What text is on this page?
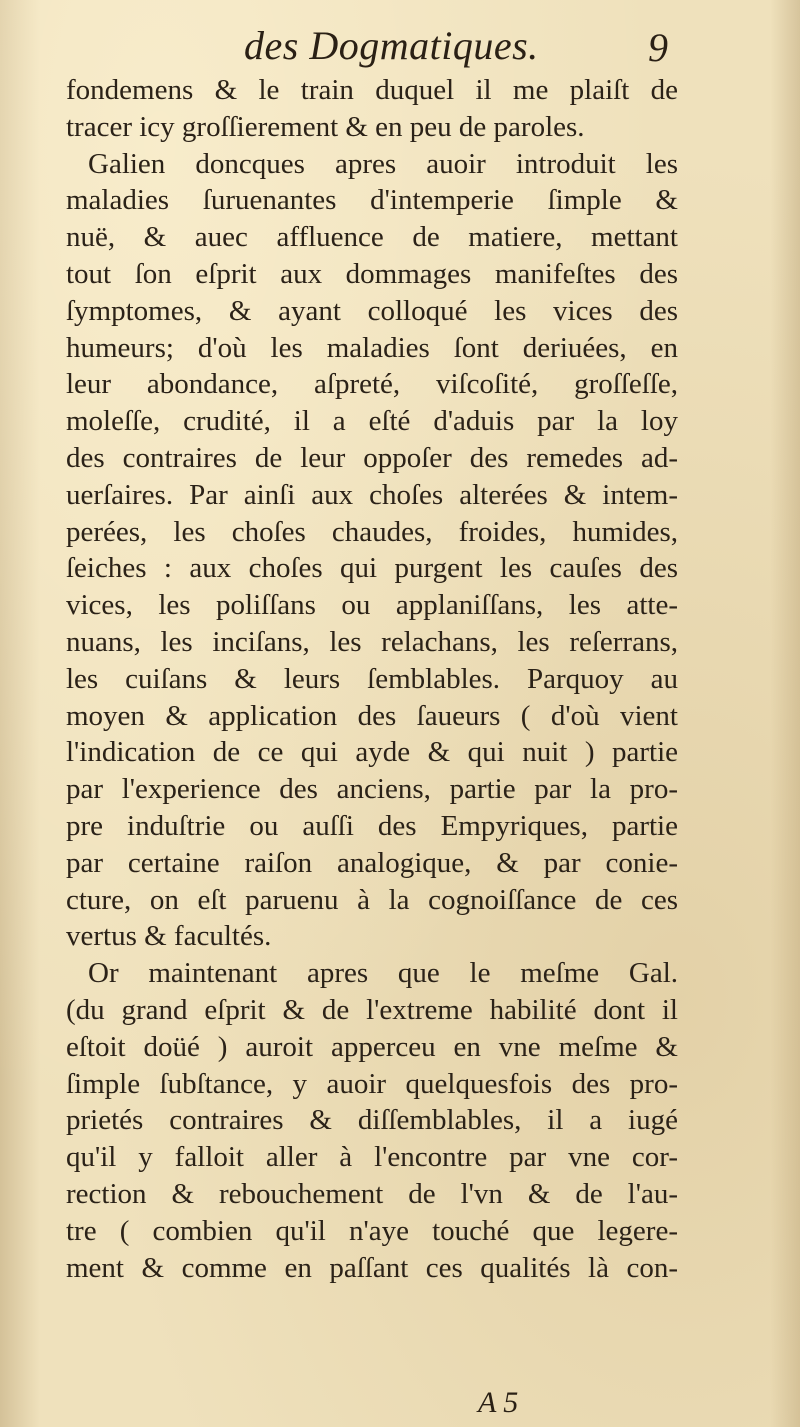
des Dogmatiques.	9
fondemens & le train duquel il me plaiſt de
tracer icy groſſierement & en peu de paroles.
Galien doncques apres auoir introduit les
maladies ſuruenantes d'intemperie ſimple &
nuë, & auec affluence de matiere, mettant
tout ſon eſprit aux dommages manifeſtes des
ſymptomes, & ayant colloqué les vices des
humeurs; d'où les maladies ſont deriuées, en
leur abondance, aſpreté, viſcoſité, groſſeſſe,
moleſſe, crudité, il a eſté d'aduis par la loy
des contraires de leur oppoſer des remedes ad-
uerſaires. Par ainſi aux choſes alterées & intem-
perées, les choſes chaudes, froides, humides,
ſeiches : aux choſes qui purgent les cauſes des
vices, les poliſſans ou applaniſſans, les atte-
nuans, les inciſans, les relachans, les reſerrans,
les cuiſans & leurs ſemblables. Parquoy au
moyen & application des ſaueurs ( d'où vient
l'indication de ce qui ayde & qui nuit ) partie
par l'experience des anciens, partie par la pro-
pre induſtrie ou auſſi des Empyriques, partie
par certaine raiſon analogique, & par conie-
cture, on eſt paruenu à la cognoiſſance de ces
vertus & facultés.
Or maintenant apres que le meſme Gal.
(du grand eſprit & de l'extreme habilité dont il
eſtoit doüé ) auroit apperceu en vne meſme &
ſimple ſubſtance, y auoir quelquesfois des pro-
prietés contraires & diſſemblables, il a iugé
qu'il y falloit aller à l'encontre par vne cor-
rection & rebouchement de l'vn & de l'au-
tre ( combien qu'il n'aye touché que legere-
ment & comme en paſſant ces qualités là con-
A 5
